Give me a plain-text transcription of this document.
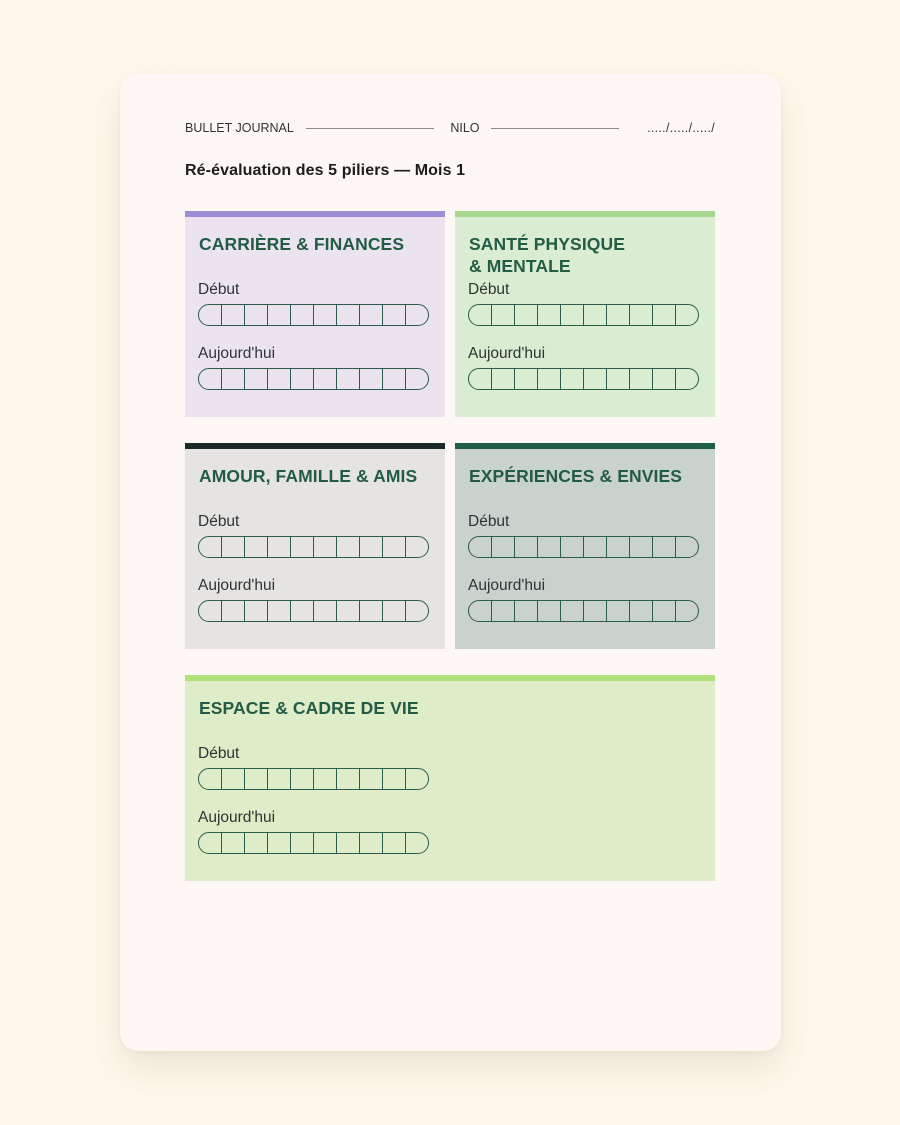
BULLET JOURNAL	NILO	...../...../...../
Ré-évaluation des 5 piliers — Mois 1
CARRIÈRE & FINANCES
Début
Aujourd'hui
SANTÉ PHYSIQUE
& MENTALE
Début
Aujourd'hui
AMOUR, FAMILLE & AMIS
Début
Aujourd'hui
EXPÉRIENCES & ENVIES
Début
Aujourd'hui
ESPACE & CADRE DE VIE
Début
Aujourd'hui
